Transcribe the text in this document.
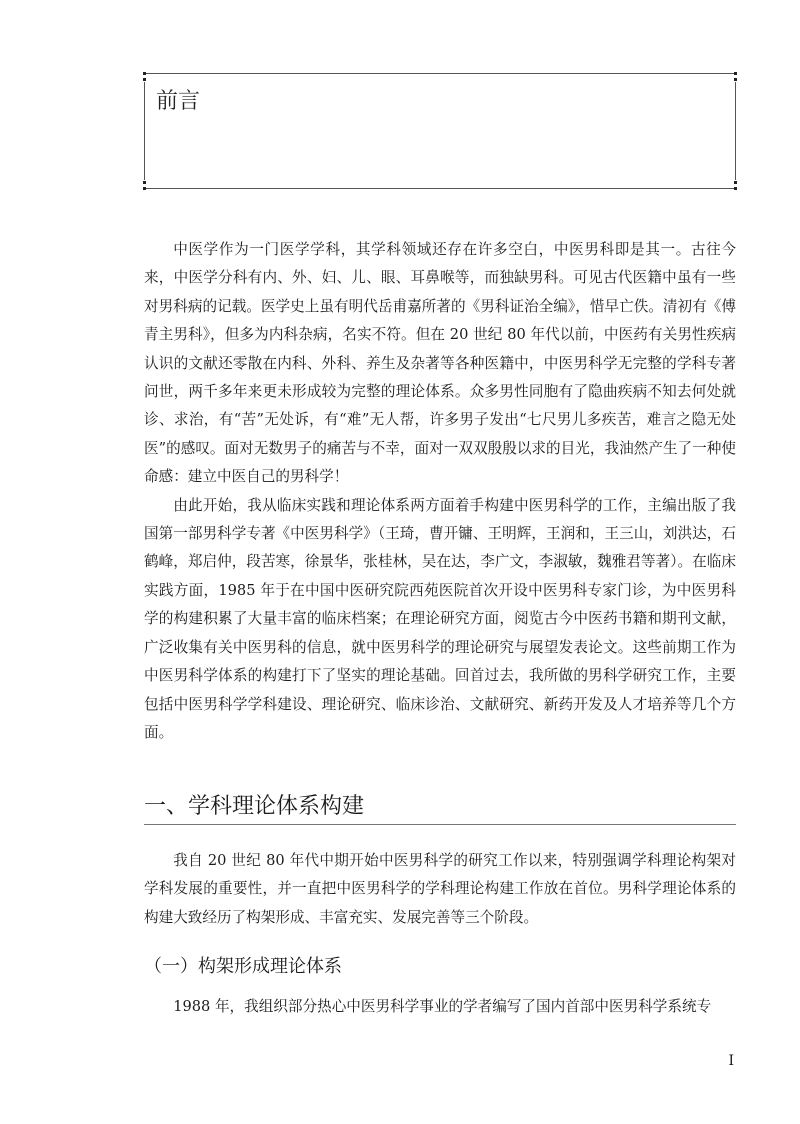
前言

中医学作为一门医学学科，其学科领域还存在许多空白，中医男科即是其一。古往今来，中医学分科有内、外、妇、儿、眼、耳鼻喉等，而独缺男科。可见古代医籍中虽有一些对男科病的记载。医学史上虽有明代岳甫嘉所著的《男科证治全编》，惜早亡佚。清初有《傅青主男科》，但多为内科杂病，名实不符。但在 20 世纪 80 年代以前，中医药有关男性疾病认识的文献还零散在内科、外科、养生及杂著等各种医籍中，中医男科学无完整的学科专著问世，两千多年来更未形成较为完整的理论体系。众多男性同胞有了隐曲疾病不知去何处就诊、求治，有“苦”无处诉，有“难”无人帮，许多男子发出“七尺男儿多疾苦，难言之隐无处医”的感叹。面对无数男子的痛苦与不幸，面对一双双殷殷以求的目光，我油然产生了一种使命感：建立中医自己的男科学！

由此开始，我从临床实践和理论体系两方面着手构建中医男科学的工作，主编出版了我国第一部男科学专著《中医男科学》（王琦，曹开镛、王明辉，王润和，王三山，刘洪达，石鹤峰，郑启仲，段苦寒，徐景华，张桂林，吴在达，李广文，李淑敏，魏雅君等著）。在临床实践方面，1985 年于在中国中医研究院西苑医院首次开设中医男科专家门诊，为中医男科学的构建积累了大量丰富的临床档案；在理论研究方面，阅览古今中医药书籍和期刊文献，广泛收集有关中医男科的信息，就中医男科学的理论研究与展望发表论文。这些前期工作为中医男科学体系的构建打下了坚实的理论基础。回首过去，我所做的男科学研究工作，主要包括中医男科学学科建设、理论研究、临床诊治、文献研究、新药开发及人才培养等几个方面。

一、学科理论体系构建

我自 20 世纪 80 年代中期开始中医男科学的研究工作以来，特别强调学科理论构架对学科发展的重要性，并一直把中医男科学的学科理论构建工作放在首位。男科学理论体系的构建大致经历了构架形成、丰富充实、发展完善等三个阶段。

（一）构架形成理论体系

1988 年，我组织部分热心中医男科学事业的学者编写了国内首部中医男科学系统专

I
